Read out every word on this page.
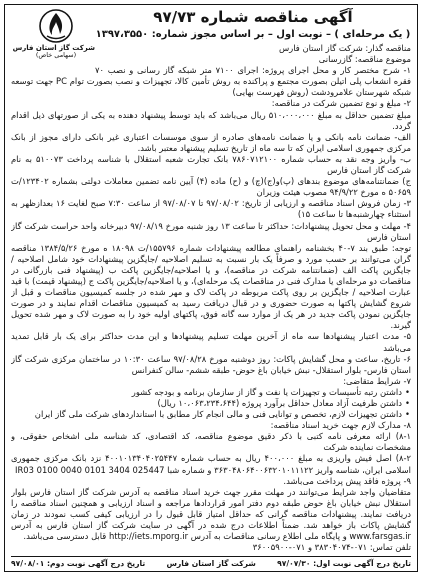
شرکت گاز استان فارس
(سهامی خاص)
آگهی مناقصه شماره ۹۷/۷۳
( یک مرحله‌ای ) – نوبت اول – بر اساس مجوز شماره: ۱۳۹۷،۳۵۵۰

مناقصه گذار: شرکت گاز استان فارس

موضوع مناقصه: گازرسانی

۱- شرح مختصر کار و محل اجرای پروژه: اجرای ۷۱۰۰ متر شبکه گاز رسانی و نصب ۷۰ فقره انشعاب پلی اتیلن بصورت مجتمع و پراکنده به روش تأمین کالا، تجهیزات و نصب بصورت توام PC جهت توسعه شبکه شهرستان علامرودشت (روش فهرست بهایی)

۲- مبلغ و نوع تضمین شرکت در مناقصه:

مبلغ تضمین حداقل به مبلغ ۵۱۰،۰۰۰،۰۰۰ ریال می‌باشد که باید توسط پیشنهاد دهنده به یکی از صورتهای ذیل اقدام گردد.

الف- ضمانت نامه بانکی و یا ضمانت نامه‌های صادره از سوی موسسات اعتباری غیر بانکی دارای مجوز از بانک مرکزی جمهوری اسلامی ایران که تا سه ماه از تاریخ تسلیم پیشنهاد معتبر باشد.

ب- واریز وجه نقد به حساب شماره ۷۸۶۰۷۱۲۱۰۰ بانک تجارت شعبه استقلال با شناسه پرداخت ۵۱۰۰۷۳ به نام شرکت گاز استان فارس

ج) ضمانتنامه‌های موضوع بندهای (پ)و(ج)(چ) و (ح) ماده (۴) آیین نامه تضمین معاملات دولتی بشماره ۱۲۳۴۰۲/ت ۵۰۶۵۹ ه مورخ ۹۴/۹/۲۲ مصوب هیئت وزیران

۳- زمان فروش اسناد مناقصه و ارزیابی از تاریخ: ۹۷/۰۸/۰۲ تا ۹۷/۰۸/۰۷ از ساعت ۷:۳۰ صبح لغایت ۱۶ بعدازظهر به استثناء چهارشنبه‌ها تا ساعت ۱۵)

۴- مهلت و محل تحویل پیشنهادات: حداکثر تا ساعت ۱۳ روز شنبه مورخ ۹۷/۰۸/۱۹ دبیرخانه واحد حراست شرکت گاز استان فارس

توجه: طبق بند ۷-۴۰ بخشنامه راهنمای مطالعه پیشنهادات شماره ۱۵۵۷۹۶/ت ۱۸۰۹۸ ه مورخ ۱۳۸۴/۵/۲۶ مناقصه گران می‌توانند بر حسب مورد و صرفاً یک بار نسبت به تسلیم اصلاحیه /جایگزین پیشنهادات خود شامل اصلاحیه /جایگزین پاکت الف (ضمانتنامه شرکت در مناقصه)، و یا اصلاحیه/جایگزین پاکت ب (پیشنهاد فنی بازرگانی در مناقصات دو مرحله‌ای یا مدارک فنی در مناقصات یک مرحله‌ای)، و یا اصلاحیه/جایگزین پاکت ج (پیشنهاد قیمت) با قید عبارت اصلاحیه / جایگزین بر روی پاکت مربوطه در پاکت لاک و مهر شده در جلسه کمیسیون مناقصات و قبل از شروع گشایش پاکتها به صورت حضوری و در قبال دریافت رسید به کمیسیون مناقصات اقدام نمایند و در صورت جایگزین نمودن پاکت جدید در هر یک از موارد سه گانه فوق، پاکتهای اولیه خود را به صورت لاک و مهر شده تحویل گیرند.

۵- مدت اعتبار پیشنهادها سه ماه از آخرین مهلت تسلیم پیشنهادها و این مدت حداکثر برای یک بار قابل تمدید می‌باشد

۶- تاریخ، ساعت و محل گشایش پاکات: روز دوشنبه مورخ ۹۷/۰۸/۲۸ ساعت ۱۰:۳۰ در ساختمان مرکزی شرکت گاز استان فارس- بلوار استقلال- نبش خیابان باغ حوض- طبقه ششم- سالن کنفرانس

۷- شرایط متقاضی:

• داشتن رتبه تأسیسات و تجهیزات یا نفت و گاز از سازمان برنامه و بودجه کشور

• داشتن ظرفیت آزاد معادل حداقل برآورد پروژه (۱۰،۰۶۳،۲۳۴،۶۴۴ ریال)

• داشتن تجهیزات لازم، تخصص و توانایی فنی و مالی انجام کار مطابق با استانداردهای شرکت ملی گاز ایران

۸- مدارک لازم جهت خرید اسناد مناقصه:

۸-۱) ارائه معرفی نامه کتبی با ذکر دقیق موضوع مناقصه، کد اقتصادی، کد شناسه ملی اشخاص حقوقی، و مشخصات نماینده شرکت

۸-۲) اصل فیش واریزی به مبلغ ۴۰۰،۰۰۰ ریال به حساب شماره ۴۰۰۱۰۱۳۴۰۴۰۲۵۴۴۷ نزد بانک مرکزی جمهوری اسلامی ایران، شناسه واریز ۳۶۳۰۴۸۰۶۴۰۰۶۳۲۰۱۰۱۱۱۲۲ و شماره شبا IR03 0100 0040 0101 3404 025447

۹- پروژه فاقد پیش پرداخت می‌باشد.

متقاضیان واجد شرایط می‌توانند در مهلت مقرر جهت خرید اسناد مناقصه به آدرس شرکت گاز استان فارس بلوار استقلال نبش خیابان باغ حوض طبقه دوم دفتر امور قراردادها مراجعه و اسناد ارزیابی و همچنین اسناد مناقصه را دریافت نمایند. پیشنهادات مناقصه گرانی که حداقل امتیاز قابل قبول را در ارزیابی کیفی کسب نمودند در زمان گشایش پاکات باز خواهد شد. ضمناً اطلاعات درج شده در آگهی در سایت شرکت گاز استان فارس به آدرس www.farsgas.ir و پایگاه ملی اطلاع رسانی مناقصات به آدرس http://iets.mporg.ir قابل دسترسی می‌باشد.

تلفن تماس: ۰۷۱-۳۸۳۰۴۰۷۴ و ۰۷۱-۳۶۰۰۵۹۰۰

تاریخ درج آگهی نوبت اول: ۹۷/۰۷/۳۰
شرکت گاز استان فارس
تاریخ درج آگهی نوبت دوم: ۹۷/۰۸/۰۱
